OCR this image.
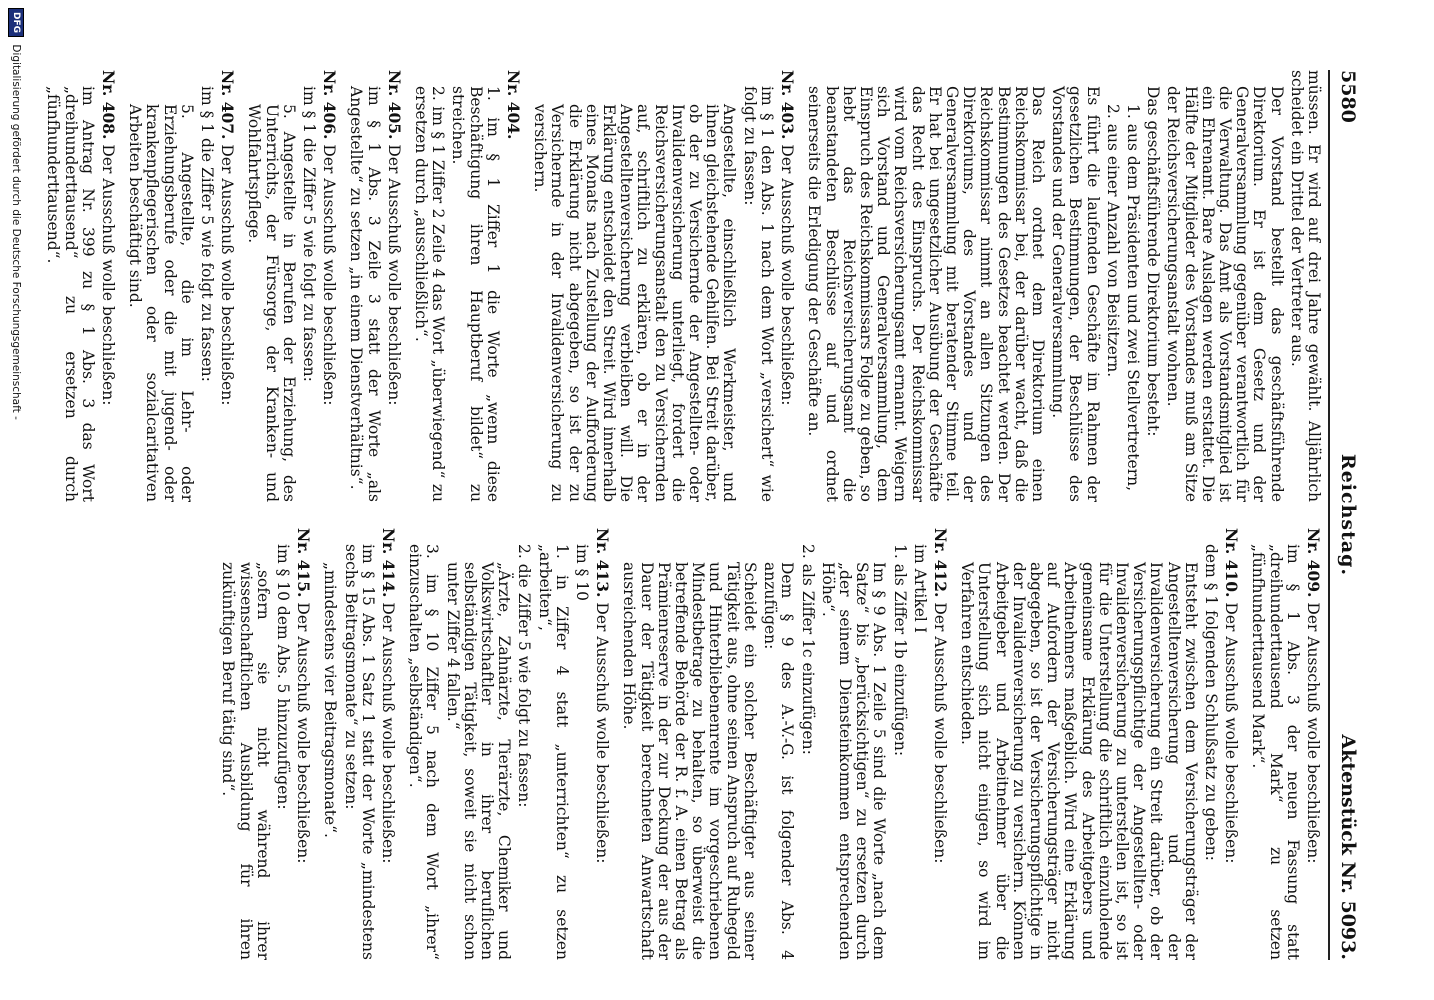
5580
Reichstag.
Aktenstück Nr. 5093.

müssen. Er wird auf drei Jahre gewählt. Alljährlich scheidet ein Drittel der Vertreter aus.

Der Vorstand bestellt das geschäftsführende Direktorium. Er ist dem Gesetz und der Generalversammlung gegenüber verantwortlich für die Verwaltung. Das Amt als Vorstandsmitglied ist ein Ehrenamt. Bare Auslagen werden erstattet. Die Hälfte der Mitglieder des Vorstandes muß am Sitze der Reichsversicherungsanstalt wohnen.

Das geschäftsführende Direktorium besteht:

1. aus dem Präsidenten und zwei Stellvertretern,

2. aus einer Anzahl von Beisitzern.

Es führt die laufenden Geschäfte im Rahmen der gesetzlichen Bestimmungen, der Beschlüsse des Vorstandes und der Generalversammlung.

Das Reich ordnet dem Direktorium einen Reichskommissar bei, der darüber wacht, daß die Bestimmungen des Gesetzes beachtet werden. Der Reichskommissar nimmt an allen Sitzungen des Direktoriums, des Vorstandes und der Generalversammlung mit beratender Stimme teil. Er hat bei ungesetzlicher Ausübung der Geschäfte das Recht des Einspruchs. Der Reichskommissar wird vom Reichsversicherungsamt ernannt. Weigern sich Vorstand und Generalversammlung, dem Einspruch des Reichskommissars Folge zu geben, so hebt das Reichsversicherungsamt die beanstandeten Beschlüsse auf und ordnet seinerseits die Erledigung der Geschäfte an.

Nr. 403. Der Ausschuß wolle beschließen:

im § 1 den Abs. 1 nach dem Wort „versichert“ wie folgt zu fassen:

Angestellte, einschließlich Werkmeister, und ihnen gleichstehende Gehilfen. Bei Streit darüber, ob der zu Versichernde der Angestellten- oder Invalidenversicherung unterliegt, fordert die Reichsversicherungsanstalt den zu Versichernden auf, schriftlich zu erklären, ob er in der Angestelltenversicherung verbleiben will. Die Erklärung entscheidet den Streit. Wird innerhalb eines Monats nach Zustellung der Aufforderung die Erklärung nicht abgegeben, so ist der zu Versichernde in der Invalidenversicherung zu versichern.

Nr. 404.

1. im § 1 Ziffer 1 die Worte „wenn diese Beschäftigung ihren Hauptberuf bildet“ zu streichen.

2. im § 1 Ziffer 2 Zeile 4 das Wort „überwiegend“ zu ersetzen durch „ausschließlich“.

Nr. 405. Der Ausschuß wolle beschließen:

im § 1 Abs. 3 Zeile 3 statt der Worte „als Angestellte“ zu setzen „in einem Dienstverhältnis“.

Nr. 406. Der Ausschuß wolle beschließen:

im § 1 die Ziffer 5 wie folgt zu fassen:

5. Angestellte in Berufen der Erziehung, des Unterrichts, der Fürsorge, der Kranken- und Wohlfahrtspflege.

Nr. 407. Der Ausschuß wolle beschließen:

im § 1 die Ziffer 5 wie folgt zu fassen:

5. Angestellte, die im Lehr- oder Erziehungsberufe oder die mit jugend- oder krankenpflegerischen oder sozialcaritativen Arbeiten beschäftigt sind.

Nr. 408. Der Ausschuß wolle beschließen:

im Antrag Nr. 399 zu § 1 Abs. 3 das Wort „dreihunderttausend“ zu ersetzen durch „fünfhunderttausend“.

Nr. 409. Der Ausschuß wolle beschließen:

im § 1 Abs. 3 der neuen Fassung statt „dreihunderttausend Mark“ zu setzen „fünfhunderttausend Mark“.

Nr. 410. Der Ausschuß wolle beschließen:

dem § 1 folgenden Schlußsatz zu geben:

Entsteht zwischen dem Versicherungsträger der Angestelltenversicherung und der Invalidenversicherung ein Streit darüber, ob der Versicherungspflichtige der Angestellten- oder Invalidenversicherung zu unterstellen ist, so ist für die Unterstellung die schriftlich einzuholende gemeinsame Erklärung des Arbeitgebers und Arbeitnehmers maßgeblich. Wird eine Erklärung auf Aufordern der Versicherungsträger nicht abgegeben, so ist der Versicherungspflichtige in der Invalidenversicherung zu versichern. Können Arbeitgeber und Arbeitnehmer über die Unterstellung sich nicht einigen, so wird im Verfahren entschieden.

Nr. 412. Der Ausschuß wolle beschließen:

im Artikel I

1. als Ziffer 1b einzufügen:

Im § 9 Abs. 1 Zeile 5 sind die Worte „nach dem Satze“ bis „berücksichtigen“ zu ersetzen durch „der seinem Diensteinkommen entsprechenden Höhe“.

2. als Ziffer 1c einzufügen:

Dem § 9 des A.-V.-G. ist folgender Abs. 4 anzufügen:

Scheidet ein solcher Beschäftigter aus seiner Tätigkeit aus, ohne seinen Anspruch auf Ruhegeld und Hinterbliebenenrente im vorgeschriebenen Mindestbetrage zu behalten, so überweist die betreffende Behörde der R. f. A. einen Betrag als Prämienreserve in der zur Deckung der aus der Dauer der Tätigkeit berechneten Anwartschaft ausreichenden Höhe.

Nr. 413. Der Ausschuß wolle beschließen:

im § 10

1. in Ziffer 4 statt „unterrichten“ zu setzen „arbeiten“,

2. die Ziffer 5 wie folgt zu fassen:

„Ärzte, Zahnärzte, Tierärzte, Chemiker und Volkswirtschaftler in ihrer beruflichen selbständigen Tätigkeit, soweit sie nicht schon unter Ziffer 4 fallen.“

3. im § 10 Ziffer 5 nach dem Wort „ihrer“ einzuschalten „selbständigen“.

Nr. 414. Der Ausschuß wolle beschließen:

im § 15 Abs. 1 Satz 1 statt der Worte „mindestens sechs Beitragsmonate“ zu setzen:

„mindestens vier Beitragsmonate“.

Nr. 415. Der Ausschuß wolle beschließen:

im § 10 dem Abs. 5 hinzuzufügen:

„sofern sie nicht während ihrer wissenschaftlichen Ausbildung für ihren zukünftigen Beruf tätig sind“.

DFG Digitalisierung gefördert durch die Deutsche Forschungsgemeinschaft -
